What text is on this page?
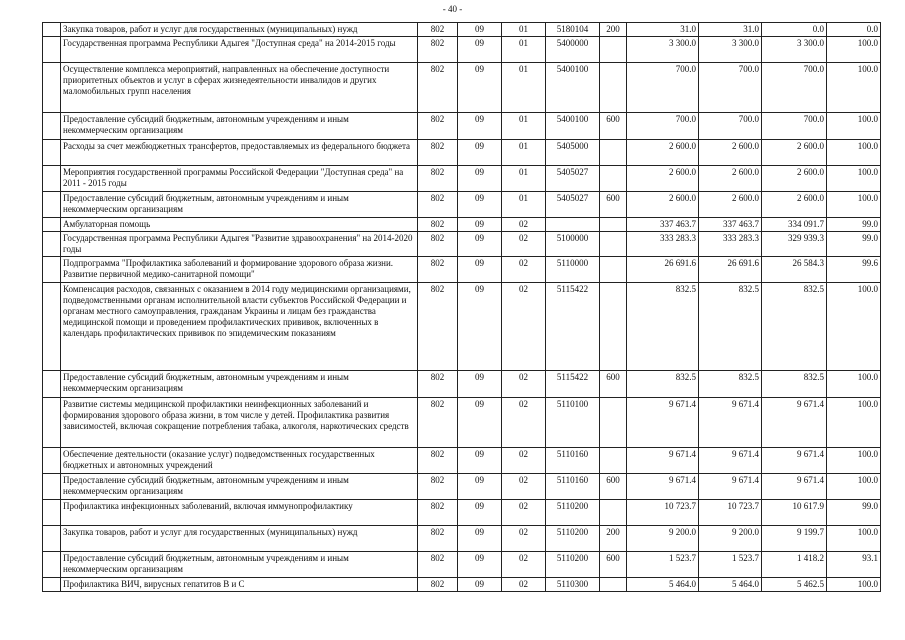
- 40 -
	Закупка товаров, работ и услуг для государственных (муниципальных) нужд	802	09	01	5180104	200	31.0	31.0	0.0	0.0
	Государственная программа Республики Адыгея "Доступная среда" на 2014-2015 годы	802	09	01	5400000		3 300.0	3 300.0	3 300.0	100.0
	Осуществление комплекса мероприятий, направленных на обеспечение доступности приоритетных объектов и услуг в сферах жизнедеятельности инвалидов и других маломобильных групп населения	802	09	01	5400100		700.0	700.0	700.0	100.0
	Предоставление субсидий бюджетным, автономным учреждениям и иным некоммерческим организациям	802	09	01	5400100	600	700.0	700.0	700.0	100.0
	Расходы за счет межбюджетных трансфертов, предоставляемых из федерального бюджета	802	09	01	5405000		2 600.0	2 600.0	2 600.0	100.0
	Мероприятия государственной программы Российской Федерации "Доступная среда" на 2011 - 2015 годы	802	09	01	5405027		2 600.0	2 600.0	2 600.0	100.0
	Предоставление субсидий бюджетным, автономным учреждениям и иным некоммерческим организациям	802	09	01	5405027	600	2 600.0	2 600.0	2 600.0	100.0
	Амбулаторная помощь	802	09	02			337 463.7	337 463.7	334 091.7	99.0
	Государственная программа Республики Адыгея "Развитие здравоохранения" на 2014-2020 годы	802	09	02	5100000		333 283.3	333 283.3	329 939.3	99.0
	Подпрограмма "Профилактика заболеваний и формирование здорового образа жизни. Развитие первичной медико-санитарной помощи"	802	09	02	5110000		26 691.6	26 691.6	26 584.3	99.6
	Компенсация расходов, связанных с оказанием в 2014 году медицинскими организациями, подведомственными органам исполнительной власти субъектов Российской Федерации и органам местного самоуправления, гражданам Украины и лицам без гражданства медицинской помощи и проведением профилактических прививок, включенных в календарь профилактических прививок по эпидемическим показаниям	802	09	02	5115422		832.5	832.5	832.5	100.0
	Предоставление субсидий бюджетным, автономным учреждениям и иным некоммерческим организациям	802	09	02	5115422	600	832.5	832.5	832.5	100.0
	Развитие системы медицинской профилактики неинфекционных заболеваний и формирования здорового образа жизни, в том числе у детей. Профилактика развития зависимостей, включая сокращение потребления табака, алкоголя, наркотических средств	802	09	02	5110100		9 671.4	9 671.4	9 671.4	100.0
	Обеспечение деятельности (оказание услуг) подведомственных государственных бюджетных и автономных учреждений	802	09	02	5110160		9 671.4	9 671.4	9 671.4	100.0
	Предоставление субсидий бюджетным, автономным учреждениям и иным некоммерческим организациям	802	09	02	5110160	600	9 671.4	9 671.4	9 671.4	100.0
	Профилактика инфекционных заболеваний, включая иммунопрофилактику	802	09	02	5110200		10 723.7	10 723.7	10 617.9	99.0
	Закупка товаров, работ и услуг для государственных (муниципальных) нужд	802	09	02	5110200	200	9 200.0	9 200.0	9 199.7	100.0
	Предоставление субсидий бюджетным, автономным учреждениям и иным некоммерческим организациям	802	09	02	5110200	600	1 523.7	1 523.7	1 418.2	93.1
	Профилактика ВИЧ, вирусных гепатитов В и С	802	09	02	5110300		5 464.0	5 464.0	5 462.5	100.0
